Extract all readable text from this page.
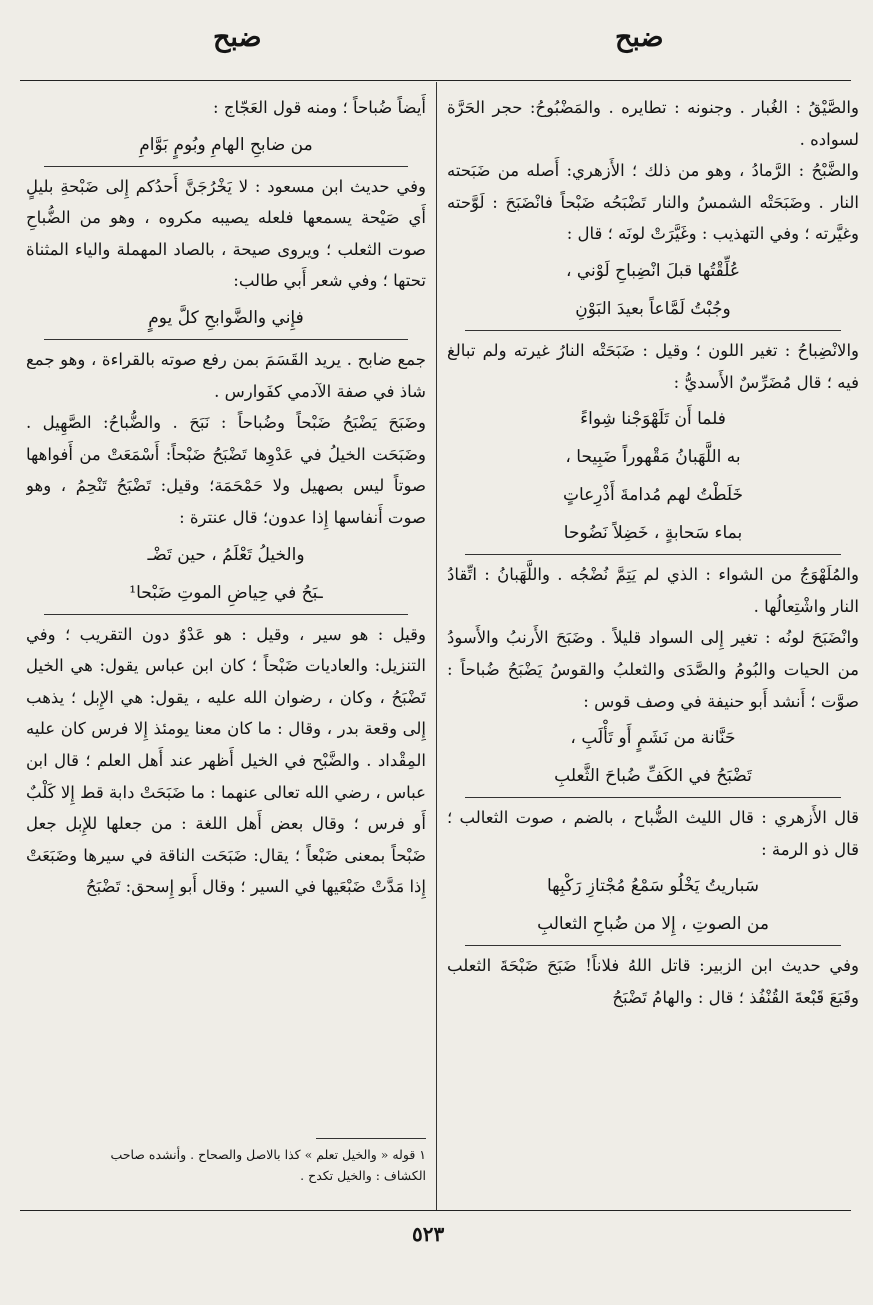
ضبح
ضبح

والصَّيْقُ : الغُبار . وجنونه : تطايره . والمَضْبُوحُ: حجر الحَرَّة لسواده .

والضَّبْحُ : الرَّمادُ ، وهو من ذلك ؛ الأَزهري: أَصله من ضَبَحته النار . وضَبَحَتْه الشمسُ والنار تَضْبَحُه ضَبْحاً فانْضَبَحَ : لَوَّحته وغيَّرته ؛ وفي التهذيب : وغَيَّرَتْ لونَه ؛ قال :

عُلِّقْتُها قبلَ انْضِباحِ لَوْني ،

وجُبْتُ لَمَّاعاً بعيدَ البَوْنِ

والانْضِباحُ : تغير اللون ؛ وقيل : ضَبَحَتْه النارُ غيرته ولم تبالغ فيه ؛ قال مُضَرِّسٌ الأَسديُّ :

فلما أَن تَلَهْوَجْنا شِواءً

به اللَّهَبانُ مَقْهوراً ضَبِيحا ،

خَلَطْتُ لهم مُدامةَ أَذْرِعاتٍ

بماء سَحابةٍ ، خَضِلاً نَضُوحا

والمُلَهْوَجُ من الشواء : الذي لم يَتِمَّ نُضْجُه . واللَّهَبانُ : اتِّقادُ النار واشْتِعالُها .

وانْضَبَحَ لونُه : تغير إِلى السواد قليلاً . وضَبَحَ الأَرنبُ والأَسودُ من الحيات والبُومُ والصَّدَى والثعلبُ والقوسُ يَضْبَحُ ضُباحاً : صوَّت ؛ أَنشد أَبو حنيفة في وصف قوس :

حَنَّانة من نَشَمٍ أَو تَأْلَبِ ،

تَضْبَحُ في الكَفِّ ضُباحَ الثَّعلبِ

قال الأَزهري : قال الليث الضُّباح ، بالضم ، صوت الثعالب ؛ قال ذو الرمة :

سَباريتُ يَخْلُو سَمْعُ مُجْتازِ رَكْبِها

من الصوتِ ، إِلا من ضُباحِ الثعالبِ

وفي حديث ابن الزبير: قاتل اللهُ فلاناً! ضَبَحَ ضَبْحَةَ الثعلب وقَبَعَ قَبْعةَ القُنْفُذ ؛ قال : والهامُ تَضْبَحُ

أَيضاً ضُباحاً ؛ ومنه قول العَجّاج :

من ضابحِ الهامِ وبُومٍ بَوَّامِ

وفي حديث ابن مسعود : لا يَخْرُجَنَّ أَحدُكم إِلى ضَبْحةِ بليلٍ أَي صَيْحة يسمعها فلعله يصيبه مكروه ، وهو من الضُّباحِ صوت الثعلب ؛ ويروى صيحة ، بالصاد المهملة والياء المثناة تحتها ؛ وفي شعر أَبي طالب:

فإِني والضَّوابحِ كلَّ يومٍ

جمع ضابح . يريد القَسَمَ بمن رفع صوته بالقراءة ، وهو جمع شاذ في صفة الآدمي كفَوارس .

وضَبَحَ يَضْبَحُ ضَبْحاً وضُباحاً : نَبَحَ . والضُّباحُ: الصَّهِيل . وضَبَحَت الخيلُ في عَدْوِها تَضْبَحُ ضَبْحاً: أَسْمَعَتْ من أَفواهها صوتاً ليس بصهيل ولا حَمْحَمَة؛ وقيل: تَضْبَحُ تَنْحِمُ ، وهو صوت أَنفاسها إِذا عدون؛ قال عنترة :

والخيلُ تَعْلَمُ ، حين تَضْـ

ـبَحُ في حِياضِ الموتِ ضَبْحا¹

وقيل : هو سير ، وقيل : هو عَدْوٌ دون التقريب ؛ وفي التنزيل: والعاديات ضَبْحاً ؛ كان ابن عباس يقول: هي الخيل تَضْبَحُ ، وكان ، رضوان الله عليه ، يقول: هي الإِبل ؛ يذهب إِلى وقعة بدر ، وقال : ما كان معنا يومئذ إِلا فرس كان عليه المِقْداد . والضَّبْح في الخيل أَظهر عند أَهل العلم ؛ قال ابن عباس ، رضي الله تعالى عنهما : ما ضَبَحَتْ دابة قط إِلا كَلْبٌ أَو فرس ؛ وقال بعض أَهل اللغة : من جعلها للإِبل جعل ضَبْحاً بمعنى ضَبْعاً ؛ يقال: ضَبَحَت الناقة في سيرها وضَبَعَتْ إِذا مَدَّتْ ضَبْعَيها في السير ؛ وقال أَبو إِسحق: تَضْبَحُ

١ قوله « والخيل تعلم » كذا بالاصل والصحاح . وأنشده صاحب
الكشاف : والخيل تكدح .
٥٢٣
